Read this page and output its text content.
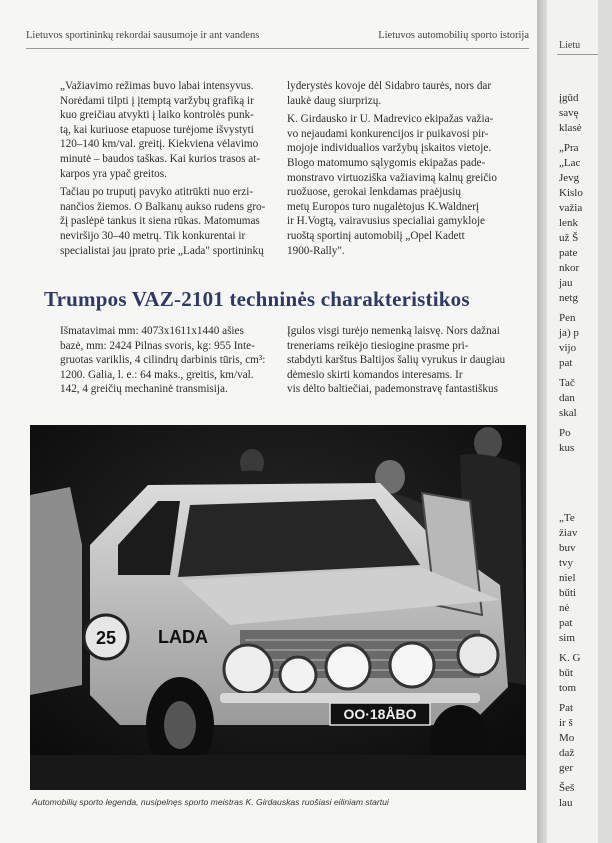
Lietuvos sportininkų rekordai sausumoje ir ant vandens	Lietuvos automobilių sporto istorija

„Važiavimo režimas buvo labai intensyvus.
Norėdami tilpti į įtemptą varžybų grafiką ir
kuo greičiau atvykti į laiko kontrolės punk-
tą, kai kuriuose etapuose turėjome išvystyti
120–140 km/val. greitį. Kiekviena vėlavimo
minutė – baudos taškas. Kai kurios trasos at-
karpos yra ypač greitos.

Tačiau po truputį pavyko atitrūkti nuo erzi-
nančios žiemos. O Balkanų aukso rudens gro-
žį paslėpė tankus it siena rūkas. Matomumas
neviršijo 30–40 metrų. Tik konkurentai ir
specialistai jau įprato prie „Lada" sportininkų

lyderystės kovoje dėl Sidabro taurės, nors dar
laukė daug siurprizų.

K. Girdausko ir U. Madrevico ekipažas važia-
vo nejaudami konkurencijos ir puikavosi pir-
mojoje individualios varžybų įskaitos vietoje.
Blogo matomumo sąlygomis ekipažas pade-
monstravo virtuoziška važiavimą kalnų greičio
ruožuose, gerokai lenkdamas praėjusių
metų Europos turo nugalėtojus K.Waldnerį
ir H.Vogtą, vairavusius specialiai gamykloje
ruoštą sportinį automobilį „Opel Kadett
1900-Rally".

Trumpos VAZ-2101 techninės charakteristikos

Išmatavimai mm: 4073x1611x1440 ašies
bazė, mm: 2424 Pilnas svoris, kg: 955 Inte-
gruotas variklis, 4 cilindrų darbinis tūris, cm³:
1200. Galia, l. e.: 64 maks., greitis, km/val.
142, 4 greičių mechaninė transmisija.

Įgulos visgi turėjo nemenką laisvę. Nors dažnai
treneriams reikėjo tiesiogine prasme pri-
stabdyti karštus Baltijos šalių vyrukus ir daugiau
dėmesio skirti komandos interesams. Ir
vis dėlto baltiečiai, pademonstravę fantastiškus

OO·18ÅBO
LADA
25
Automobilių sporto legenda, nusipelnęs sporto meistras K. Girdauskas ruošiasi eiliniam startui
Lietu
įgūd
savę
klasė
„Pra
„Lac
Jevg
Kislo
važia
lenk
už Š
pate
nkor
jau
netg
Pen
ja) p
vijo
pat
Tač
dan
skal
Po
kus
„Te
žiav
buv
tvy
niel
būti
nė
pat
sim
K. G
būt
tom
Pat
ir š
Mo
daž
ger
Šeš
lau
